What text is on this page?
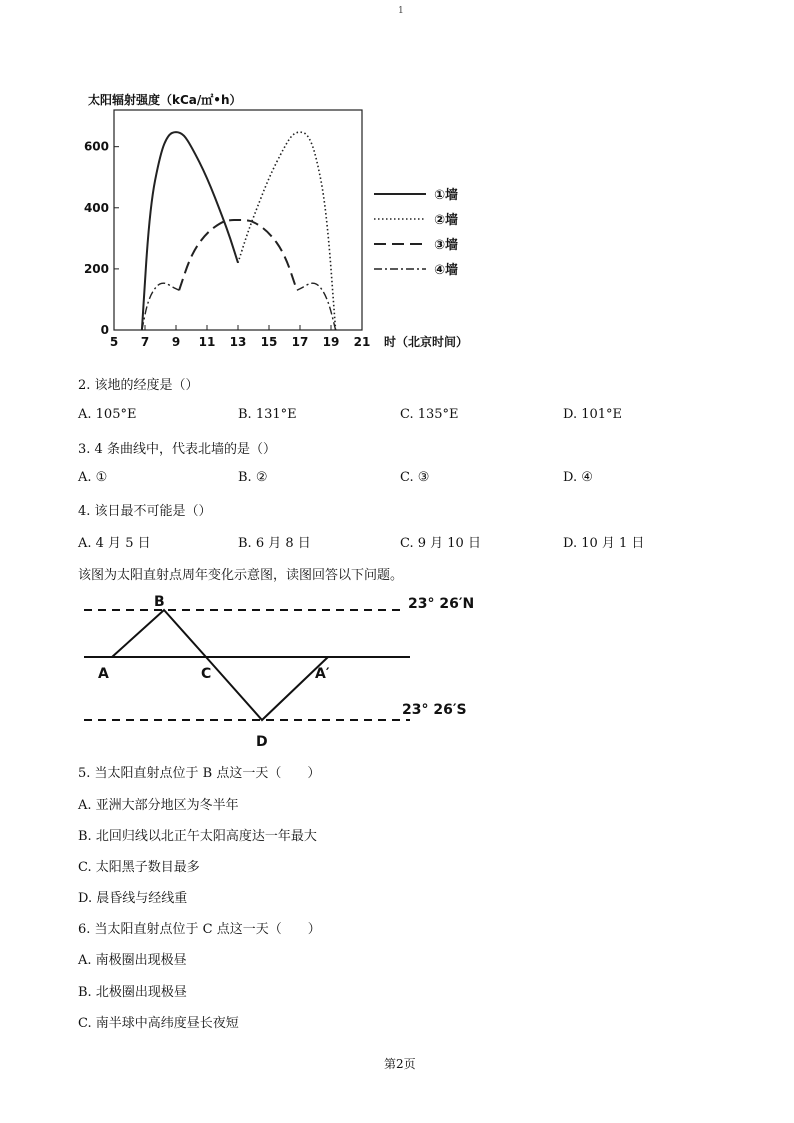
1
太阳辐射强度（kCa/㎡•h）
0
200
400
600
5 7 9 11 13 15 17 19 21 时（北京时间）
①墙
②墙
③墙
④墙
2. 该地的经度是（）
A. 105°E	B. 131°E	C. 135°E	D. 101°E
3. 4 条曲线中，代表北墙的是（）
A. ①	B. ②	C. ③	D. ④
4. 该日最不可能是（）
A. 4 月 5 日	B. 6 月 8 日	C. 9 月 10 日	D. 10 月 1 日
该图为太阳直射点周年变化示意图，读图回答以下问题。
23° 26′N
23° 26′S
B
A	C	A′
D
5. 当太阳直射点位于 B 点这一天（　　）
A. 亚洲大部分地区为冬半年
B. 北回归线以北正午太阳高度达一年最大
C. 太阳黑子数目最多
D. 晨昏线与经线重
6. 当太阳直射点位于 C 点这一天（　　）
A. 南极圈出现极昼
B. 北极圈出现极昼
C. 南半球中高纬度昼长夜短
第2页
